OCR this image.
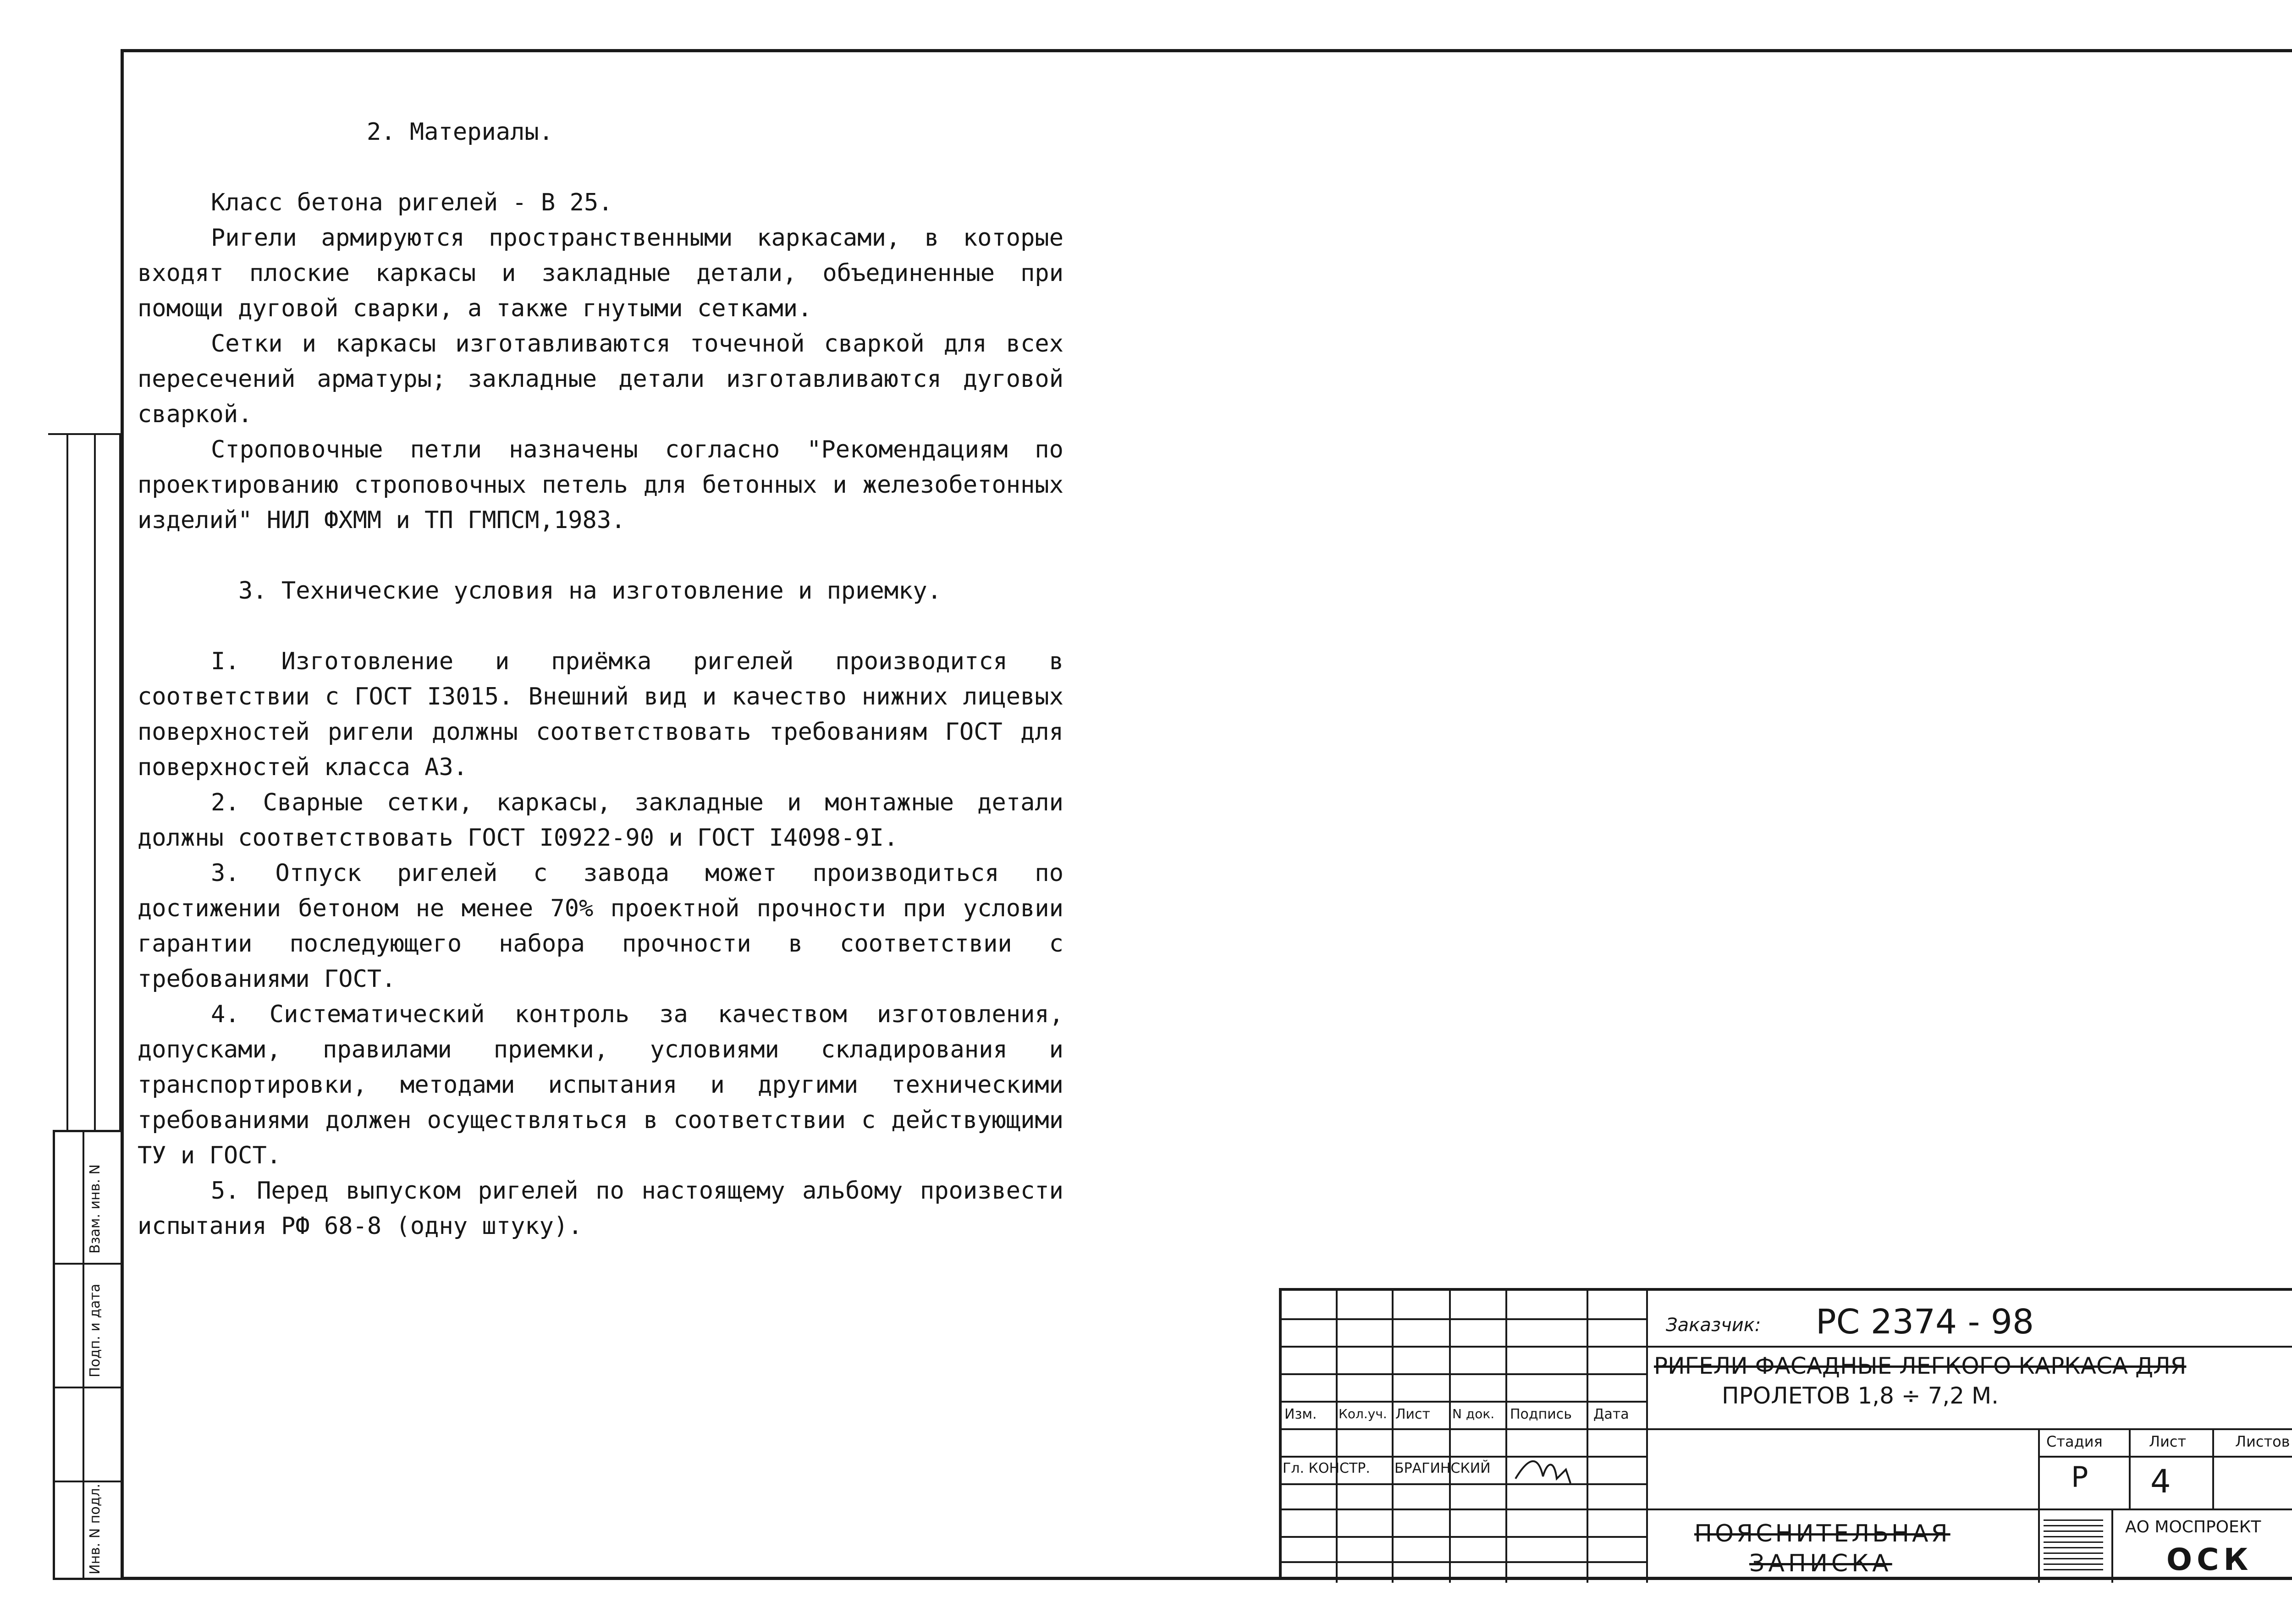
Взам. инв. N
Подп. и дата
Инв. N подл.

2. Материалы.

Класс бетона ригелей - В 25.

Ригели армируются пространственными каркасами, в которые входят плоские каркасы и закладные детали, объединенные при помощи дуговой сварки, а также гнутыми сетками.

Сетки и каркасы изготавливаются точечной сваркой для всех пересечений арматуры; закладные детали изготавливаются дуговой сваркой.

Строповочные петли назначены согласно "Рекомендациям по проектированию строповочных петель для бетонных и железобетонных изделий" НИЛ ФХММ и ТП ГМПСМ,1983.

3. Технические условия на изготовление и приемку.

I. Изготовление и приёмка ригелей производится в соответствии с ГОСТ I3015. Внешний вид и качество нижних лицевых поверхностей ригели должны соответствовать требованиям ГОСТ для поверхностей класса А3.

2. Сварные сетки, каркасы, закладные и монтажные детали должны соответствовать ГОСТ I0922-90 и ГОСТ I4098-9I.

3. Отпуск ригелей с завода может производиться по достижении бетоном не менее 70% проектной прочности при условии гарантии последующего набора прочности в соответствии с требованиями ГОСТ.

4. Систематический контроль за качеством изготовления, допусками, правилами приемки, условиями складирования и транспортировки, методами испытания и другими техническими требованиями должен осуществляться в соответствии с действующими ТУ и ГОСТ.

5. Перед выпуском ригелей по настоящему альбому произвести испытания РФ 68-8 (одну штуку).

Изм. Кол.уч. Лист N док. Подпись Дата
Гл. КОНСТР. БРАГИНСКИЙ
Заказчик: РС 2374 - 98
РИГЕЛИ ФАСАДНЫЕ ЛЕГКОГО КАРКАСА ДЛЯ
ПРОЛЕТОВ 1,8 ÷ 7,2 М.
Стадия	Лист	Листов
Р 4
ПОЯСНИТЕЛЬНАЯ
ЗАПИСКА
АО МОСПРОЕКТ
ОСК
